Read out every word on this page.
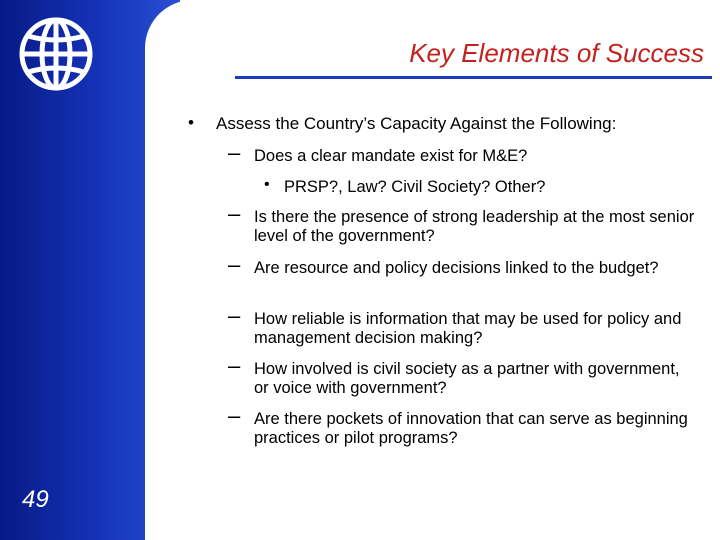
Key Elements of Success
• Assess the Country’s Capacity Against the Following:
– Does a clear mandate exist for M&E?
• PRSP?, Law? Civil Society? Other?
– Is there the presence of strong leadership at the most senior level of the government?
– Are resource and policy decisions linked to the budget?
– How reliable is information that may be used for policy and management decision making?
– How involved is civil society as a partner with government, or voice with government?
– Are there pockets of innovation that can serve as beginning practices or pilot programs?
49
